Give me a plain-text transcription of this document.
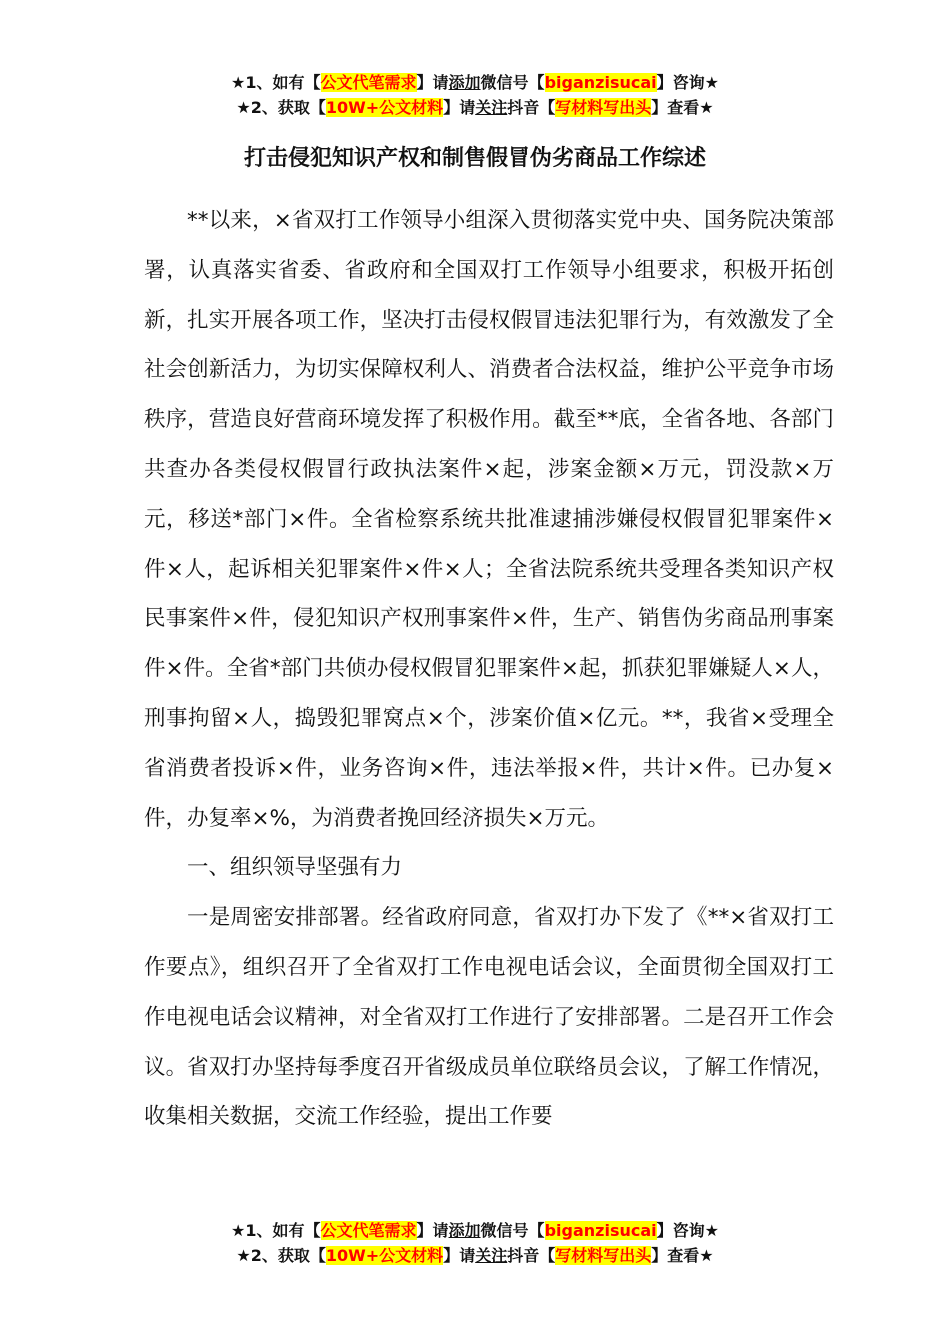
★1、如有【公文代笔需求】请添加微信号【biganzisucai】咨询★
★2、获取【10W+公文材料】请关注抖音【写材料写出头】查看★
打击侵犯知识产权和制售假冒伪劣商品工作综述

**以来，×省双打工作领导小组深入贯彻落实党中央、国务院决策部署，认真落实省委、省政府和全国双打工作领导小组要求，积极开拓创新，扎实开展各项工作，坚决打击侵权假冒违法犯罪行为，有效激发了全社会创新活力，为切实保障权利人、消费者合法权益，维护公平竞争市场秩序，营造良好营商环境发挥了积极作用。截至**底，全省各地、各部门共查办各类侵权假冒行政执法案件×起，涉案金额×万元，罚没款×万元，移送*部门×件。全省检察系统共批准逮捕涉嫌侵权假冒犯罪案件×件×人，起诉相关犯罪案件×件×人；全省法院系统共受理各类知识产权民事案件×件，侵犯知识产权刑事案件×件，生产、销售伪劣商品刑事案件×件。全省*部门共侦办侵权假冒犯罪案件×起，抓获犯罪嫌疑人×人，刑事拘留×人，捣毁犯罪窝点×个，涉案价值×亿元。**，我省×受理全省消费者投诉×件，业务咨询×件，违法举报×件，共计×件。已办复×件，办复率×%，为消费者挽回经济损失×万元。

一、组织领导坚强有力

一是周密安排部署。经省政府同意，省双打办下发了《**×省双打工作要点》，组织召开了全省双打工作电视电话会议，全面贯彻全国双打工作电视电话会议精神，对全省双打工作进行了安排部署。二是召开工作会议。省双打办坚持每季度召开省级成员单位联络员会议，了解工作情况，收集相关数据，交流工作经验，提出工作要

★1、如有【公文代笔需求】请添加微信号【biganzisucai】咨询★
★2、获取【10W+公文材料】请关注抖音【写材料写出头】查看★
